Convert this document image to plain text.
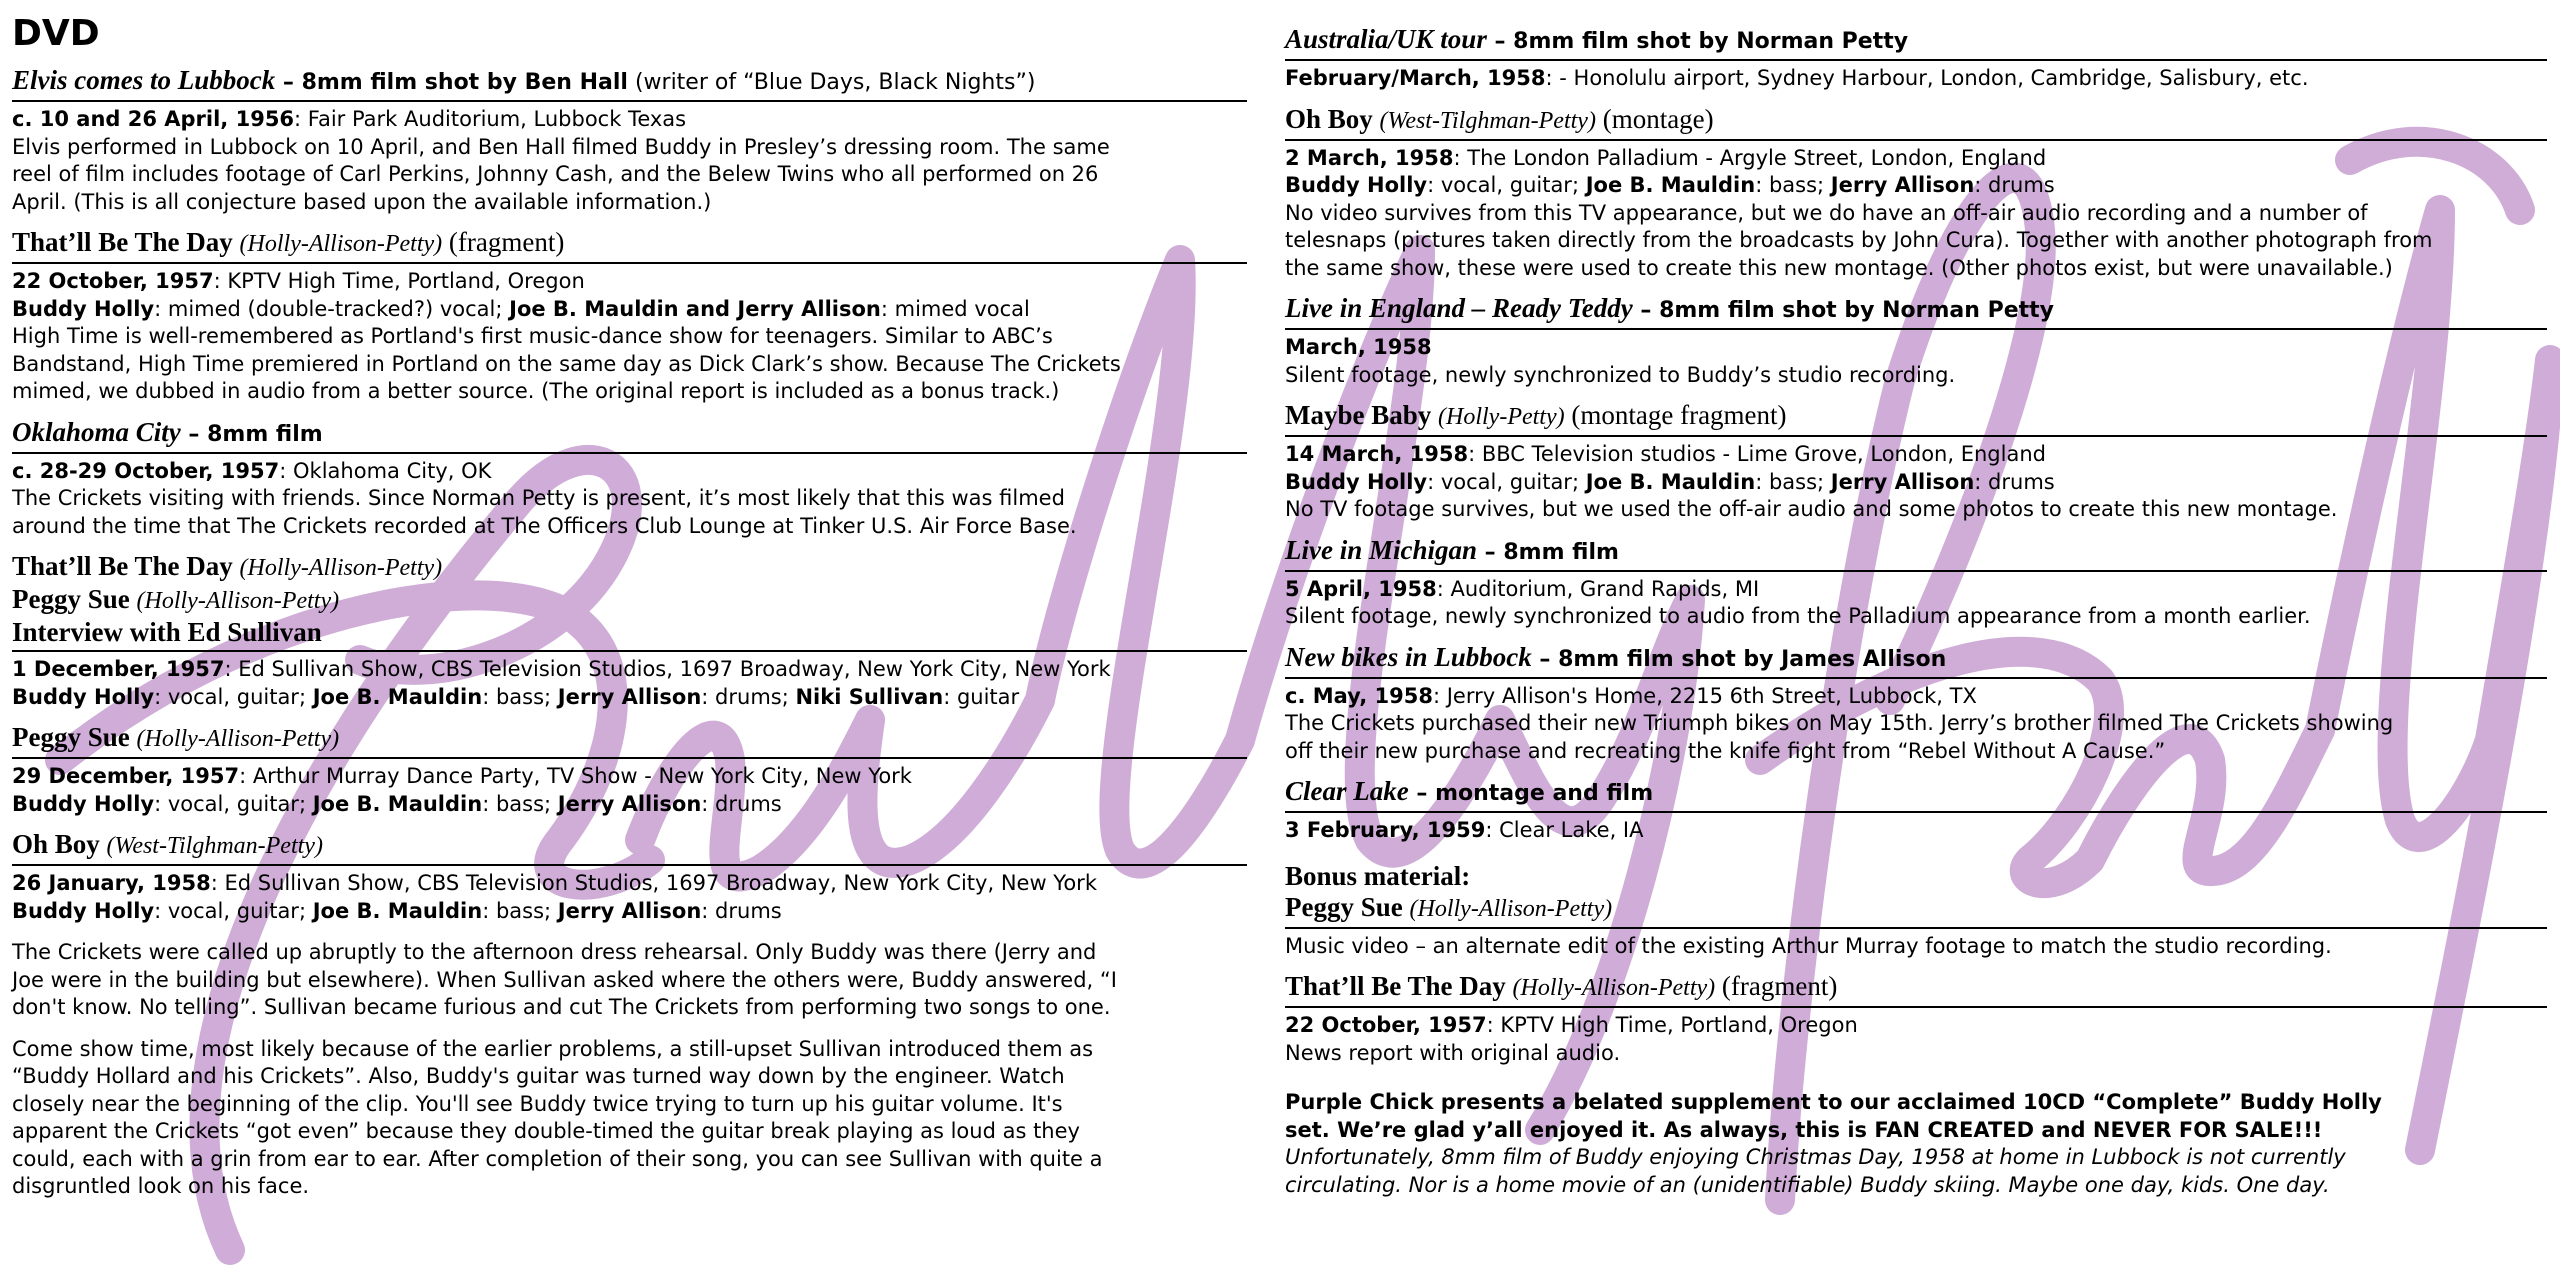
DVD
Elvis comes to Lubbock – 8mm film shot by Ben Hall (writer of “Blue Days, Black Nights”)

c. 10 and 26 April, 1956: Fair Park Auditorium, Lubbock Texas

Elvis performed in Lubbock on 10 April, and Ben Hall filmed Buddy in Presley’s dressing room. The same

reel of film includes footage of Carl Perkins, Johnny Cash, and the Belew Twins who all performed on 26

April. (This is all conjecture based upon the available information.)

That’ll Be The Day (Holly-Allison-Petty) (fragment)

22 October, 1957: KPTV High Time, Portland, Oregon

Buddy Holly: mimed (double-tracked?) vocal; Joe B. Mauldin and Jerry Allison: mimed vocal

High Time is well-remembered as Portland's first music-dance show for teenagers. Similar to ABC’s

Bandstand, High Time premiered in Portland on the same day as Dick Clark’s show. Because The Crickets

mimed, we dubbed in audio from a better source. (The original report is included as a bonus track.)

Oklahoma City – 8mm film

c. 28-29 October, 1957: Oklahoma City, OK

The Crickets visiting with friends. Since Norman Petty is present, it’s most likely that this was filmed

around the time that The Crickets recorded at The Officers Club Lounge at Tinker U.S. Air Force Base.

That’ll Be The Day (Holly-Allison-Petty)
Peggy Sue (Holly-Allison-Petty)
Interview with Ed Sullivan

1 December, 1957: Ed Sullivan Show, CBS Television Studios, 1697 Broadway, New York City, New York

Buddy Holly: vocal, guitar; Joe B. Mauldin: bass; Jerry Allison: drums; Niki Sullivan: guitar

Peggy Sue (Holly-Allison-Petty)

29 December, 1957: Arthur Murray Dance Party, TV Show - New York City, New York

Buddy Holly: vocal, guitar; Joe B. Mauldin: bass; Jerry Allison: drums

Oh Boy (West-Tilghman-Petty)

26 January, 1958: Ed Sullivan Show, CBS Television Studios, 1697 Broadway, New York City, New York

Buddy Holly: vocal, guitar; Joe B. Mauldin: bass; Jerry Allison: drums

The Crickets were called up abruptly to the afternoon dress rehearsal. Only Buddy was there (Jerry and

Joe were in the building but elsewhere). When Sullivan asked where the others were, Buddy answered, “I

don't know. No telling”. Sullivan became furious and cut The Crickets from performing two songs to one.

Come show time, most likely because of the earlier problems, a still-upset Sullivan introduced them as

“Buddy Hollard and his Crickets”. Also, Buddy's guitar was turned way down by the engineer. Watch

closely near the beginning of the clip. You'll see Buddy twice trying to turn up his guitar volume. It's

apparent the Crickets “got even” because they double-timed the guitar break playing as loud as they

could, each with a grin from ear to ear. After completion of their song, you can see Sullivan with quite a

disgruntled look on his face.

Australia/UK tour – 8mm film shot by Norman Petty

February/March, 1958: - Honolulu airport, Sydney Harbour, London, Cambridge, Salisbury, etc.

Oh Boy (West-Tilghman-Petty) (montage)

2 March, 1958: The London Palladium - Argyle Street, London, England

Buddy Holly: vocal, guitar; Joe B. Mauldin: bass; Jerry Allison: drums

No video survives from this TV appearance, but we do have an off-air audio recording and a number of

telesnaps (pictures taken directly from the broadcasts by John Cura). Together with another photograph from

the same show, these were used to create this new montage. (Other photos exist, but were unavailable.)

Live in England – Ready Teddy – 8mm film shot by Norman Petty

March, 1958

Silent footage, newly synchronized to Buddy’s studio recording.

Maybe Baby (Holly-Petty) (montage fragment)

14 March, 1958: BBC Television studios - Lime Grove, London, England

Buddy Holly: vocal, guitar; Joe B. Mauldin: bass; Jerry Allison: drums

No TV footage survives, but we used the off-air audio and some photos to create this new montage.

Live in Michigan – 8mm film

5 April, 1958: Auditorium, Grand Rapids, MI

Silent footage, newly synchronized to audio from the Palladium appearance from a month earlier.

New bikes in Lubbock – 8mm film shot by James Allison

c. May, 1958: Jerry Allison's Home, 2215 6th Street, Lubbock, TX

The Crickets purchased their new Triumph bikes on May 15th. Jerry’s brother filmed The Crickets showing

off their new purchase and recreating the knife fight from “Rebel Without A Cause.”

Clear Lake – montage and film

3 February, 1959: Clear Lake, IA

Bonus material:
Peggy Sue (Holly-Allison-Petty)

Music video – an alternate edit of the existing Arthur Murray footage to match the studio recording.

That’ll Be The Day (Holly-Allison-Petty) (fragment)

22 October, 1957: KPTV High Time, Portland, Oregon

News report with original audio.

Purple Chick presents a belated supplement to our acclaimed 10CD “Complete” Buddy Holly

set. We’re glad y’all enjoyed it. As always, this is FAN CREATED and NEVER FOR SALE!!!

Unfortunately, 8mm film of Buddy enjoying Christmas Day, 1958 at home in Lubbock is not currently

circulating. Nor is a home movie of an (unidentifiable) Buddy skiing. Maybe one day, kids. One day.
